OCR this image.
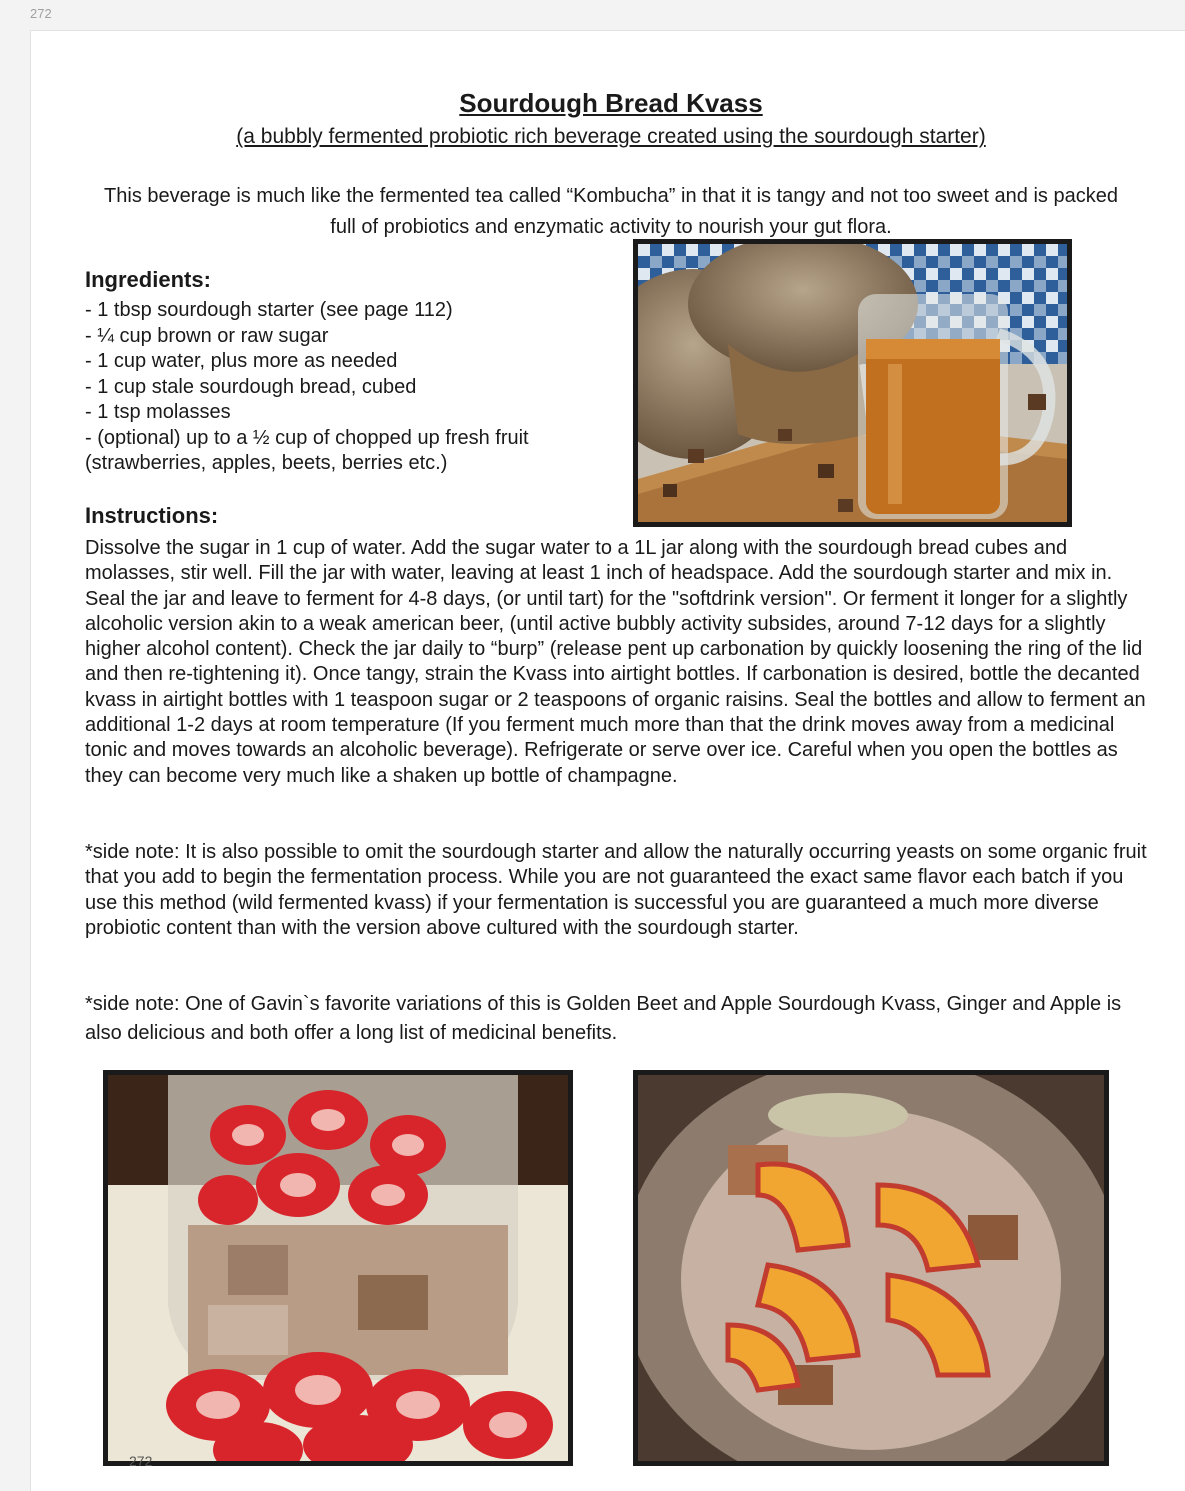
272
Sourdough Bread Kvass

(a bubbly fermented probiotic rich beverage created using the sourdough starter)

This beverage is much like the fermented tea called “Kombucha” in that it is tangy and not too sweet and is packed full of probiotics and enzymatic activity to nourish your gut flora.

Ingredients:
- 1 tbsp sourdough starter (see page 112)
- ¼ cup brown or raw sugar
- 1 cup water, plus more as needed
- 1 cup stale sourdough bread, cubed
- 1 tsp molasses
- (optional) up to a ½ cup of chopped up fresh fruit (strawberries, apples, beets, berries etc.)
Instructions:

Dissolve the sugar in 1 cup of water. Add the sugar water to a 1L jar along with the sourdough bread cubes and molasses, stir well. Fill the jar with water, leaving at least 1 inch of headspace. Add the sourdough starter and mix in. Seal the jar and leave to ferment for 4-8 days, (or until tart) for the "softdrink version". Or ferment it longer for a slightly alcoholic version akin to a weak american beer, (until active bubbly activity subsides, around 7-12 days for a slightly higher alcohol content). Check the jar daily to “burp” (release pent up carbonation by quickly loosening the ring of the lid and then re-tightening it). Once tangy, strain the Kvass into airtight bottles. If carbonation is desired, bottle the decanted kvass in airtight bottles with 1 teaspoon sugar or 2 teaspoons of organic raisins. Seal the bottles and allow to ferment an additional 1-2 days at room temperature (If you ferment much more than that the drink moves away from a medicinal tonic and moves towards an alcoholic beverage). Refrigerate or serve over ice. Careful when you open the bottles as they can become very much like a shaken up bottle of champagne.

*side note: It is also possible to omit the sourdough starter and allow the naturally occurring yeasts on some organic fruit that you add to begin the fermentation process. While you are not guaranteed the exact same flavor each batch if you use this method (wild fermented kvass) if your fermentation is successful you are guaranteed a much more diverse probiotic content than with the version above cultured with the sourdough starter.

*side note: One of Gavin`s favorite variations of this is Golden Beet and Apple Sourdough Kvass, Ginger and Apple is also delicious and both offer a long list of medicinal benefits.

272
